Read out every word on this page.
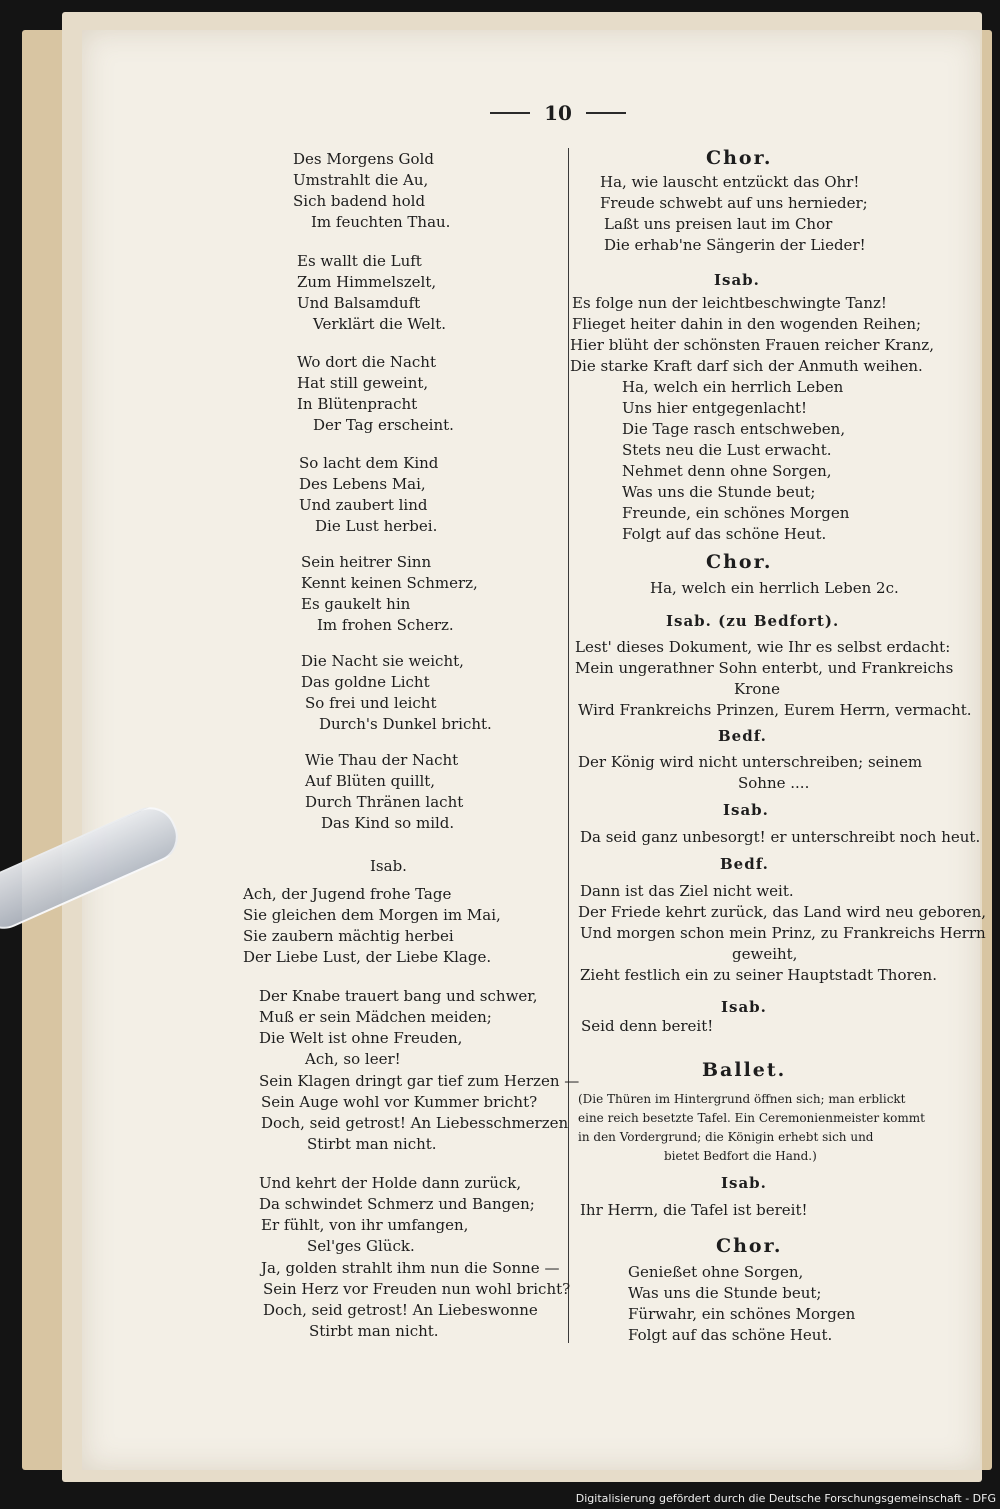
10
Des Morgens Gold
Umstrahlt die Au,
Sich badend hold
Im feuchten Thau.
Es wallt die Luft
Zum Himmelszelt,
Und Balsamduft
Verklärt die Welt.
Wo dort die Nacht
Hat still geweint,
In Blütenpracht
Der Tag erscheint.
So lacht dem Kind
Des Lebens Mai,
Und zaubert lind
Die Lust herbei.
Sein heitrer Sinn
Kennt keinen Schmerz,
Es gaukelt hin
Im frohen Scherz.
Die Nacht sie weicht,
Das goldne Licht
So frei und leicht
Durch's Dunkel bricht.
Wie Thau der Nacht
Auf Blüten quillt,
Durch Thränen lacht
Das Kind so mild.
Isab.
Ach, der Jugend frohe Tage
Sie gleichen dem Morgen im Mai,
Sie zaubern mächtig herbei
Der Liebe Lust, der Liebe Klage.
Der Knabe trauert bang und schwer,
Muß er sein Mädchen meiden;
Die Welt ist ohne Freuden,
Ach, so leer!
Sein Klagen dringt gar tief zum Herzen —
Sein Auge wohl vor Kummer bricht?
Doch, seid getrost! An Liebesschmerzen
Stirbt man nicht.
Und kehrt der Holde dann zurück,
Da schwindet Schmerz und Bangen;
Er fühlt, von ihr umfangen,
Sel'ges Glück.
Ja, golden strahlt ihm nun die Sonne —
Sein Herz vor Freuden nun wohl bricht?
Doch, seid getrost! An Liebeswonne
Stirbt man nicht.
Chor.
Ha, wie lauscht entzückt das Ohr!
Freude schwebt auf uns hernieder;
Laßt uns preisen laut im Chor
Die erhab'ne Sängerin der Lieder!
Isab.
Es folge nun der leichtbeschwingte Tanz!
Flieget heiter dahin in den wogenden Reihen;
Hier blüht der schönsten Frauen reicher Kranz,
Die starke Kraft darf sich der Anmuth weihen.
Ha, welch ein herrlich Leben
Uns hier entgegenlacht!
Die Tage rasch entschweben,
Stets neu die Lust erwacht.
Nehmet denn ohne Sorgen,
Was uns die Stunde beut;
Freunde, ein schönes Morgen
Folgt auf das schöne Heut.
Chor.
Ha, welch ein herrlich Leben 2c.
Isab. (zu Bedfort).
Lest' dieses Dokument, wie Ihr es selbst erdacht:
Mein ungerathner Sohn enterbt, und Frankreichs
Krone
Wird Frankreichs Prinzen, Eurem Herrn, vermacht.
Bedf.
Der König wird nicht unterschreiben; seinem
Sohne ....
Isab.
Da seid ganz unbesorgt! er unterschreibt noch heut.
Bedf.
Dann ist das Ziel nicht weit.
Der Friede kehrt zurück, das Land wird neu geboren,
Und morgen schon mein Prinz, zu Frankreichs Herrn
geweiht,
Zieht festlich ein zu seiner Hauptstadt Thoren.
Isab.
Seid denn bereit!
Ballet.
(Die Thüren im Hintergrund öffnen sich; man erblickt
eine reich besetzte Tafel. Ein Ceremonienmeister kommt
in den Vordergrund; die Königin erhebt sich und
bietet Bedfort die Hand.)
Isab.
Ihr Herrn, die Tafel ist bereit!
Chor.
Genießet ohne Sorgen,
Was uns die Stunde beut;
Fürwahr, ein schönes Morgen
Folgt auf das schöne Heut.
Digitalisierung gefördert durch die Deutsche Forschungsgemeinschaft - DFG
